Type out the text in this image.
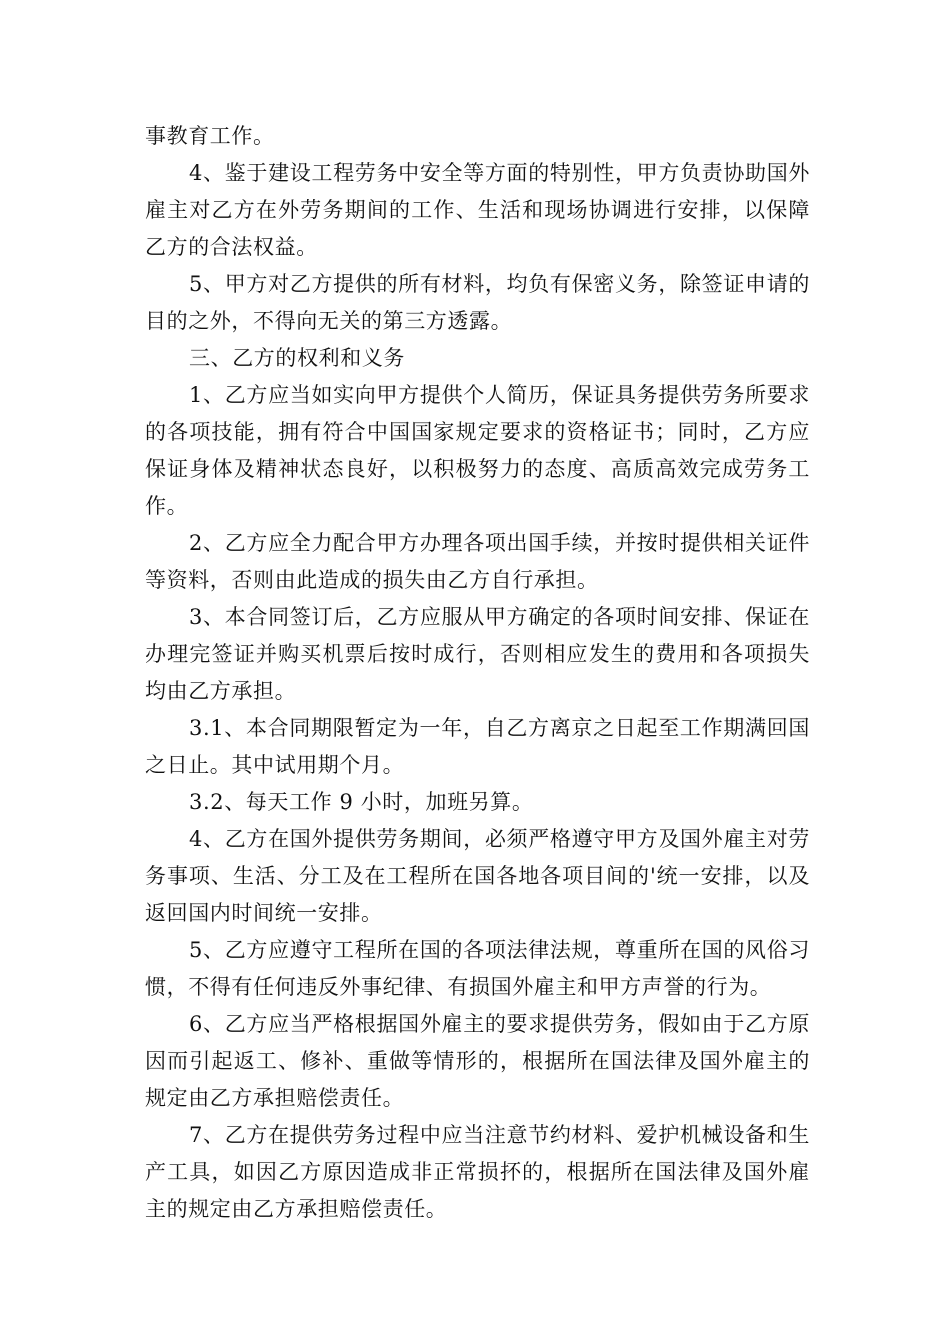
事教育工作。

4、鉴于建设工程劳务中安全等方面的特别性，甲方负责协助国外雇主对乙方在外劳务期间的工作、生活和现场协调进行安排，以保障乙方的合法权益。

5、甲方对乙方提供的所有材料，均负有保密义务，除签证申请的目的之外，不得向无关的第三方透露。

三、乙方的权利和义务

1、乙方应当如实向甲方提供个人简历，保证具务提供劳务所要求的各项技能，拥有符合中国国家规定要求的资格证书；同时，乙方应保证身体及精神状态良好，以积极努力的态度、高质高效完成劳务工作。

2、乙方应全力配合甲方办理各项出国手续，并按时提供相关证件等资料，否则由此造成的损失由乙方自行承担。

3、本合同签订后，乙方应服从甲方确定的各项时间安排、保证在办理完签证并购买机票后按时成行，否则相应发生的费用和各项损失均由乙方承担。

3.1、本合同期限暂定为一年，自乙方离京之日起至工作期满回国之日止。其中试用期个月。

3.2、每天工作 9 小时，加班另算。

4、乙方在国外提供劳务期间，必须严格遵守甲方及国外雇主对劳务事项、生活、分工及在工程所在国各地各项目间的'统一安排，以及返回国内时间统一安排。

5、乙方应遵守工程所在国的各项法律法规，尊重所在国的风俗习惯，不得有任何违反外事纪律、有损国外雇主和甲方声誉的行为。

6、乙方应当严格根据国外雇主的要求提供劳务，假如由于乙方原因而引起返工、修补、重做等情形的，根据所在国法律及国外雇主的规定由乙方承担赔偿责任。

7、乙方在提供劳务过程中应当注意节约材料、爱护机械设备和生产工具，如因乙方原因造成非正常损抔的，根据所在国法律及国外雇主的规定由乙方承担赔偿责任。
